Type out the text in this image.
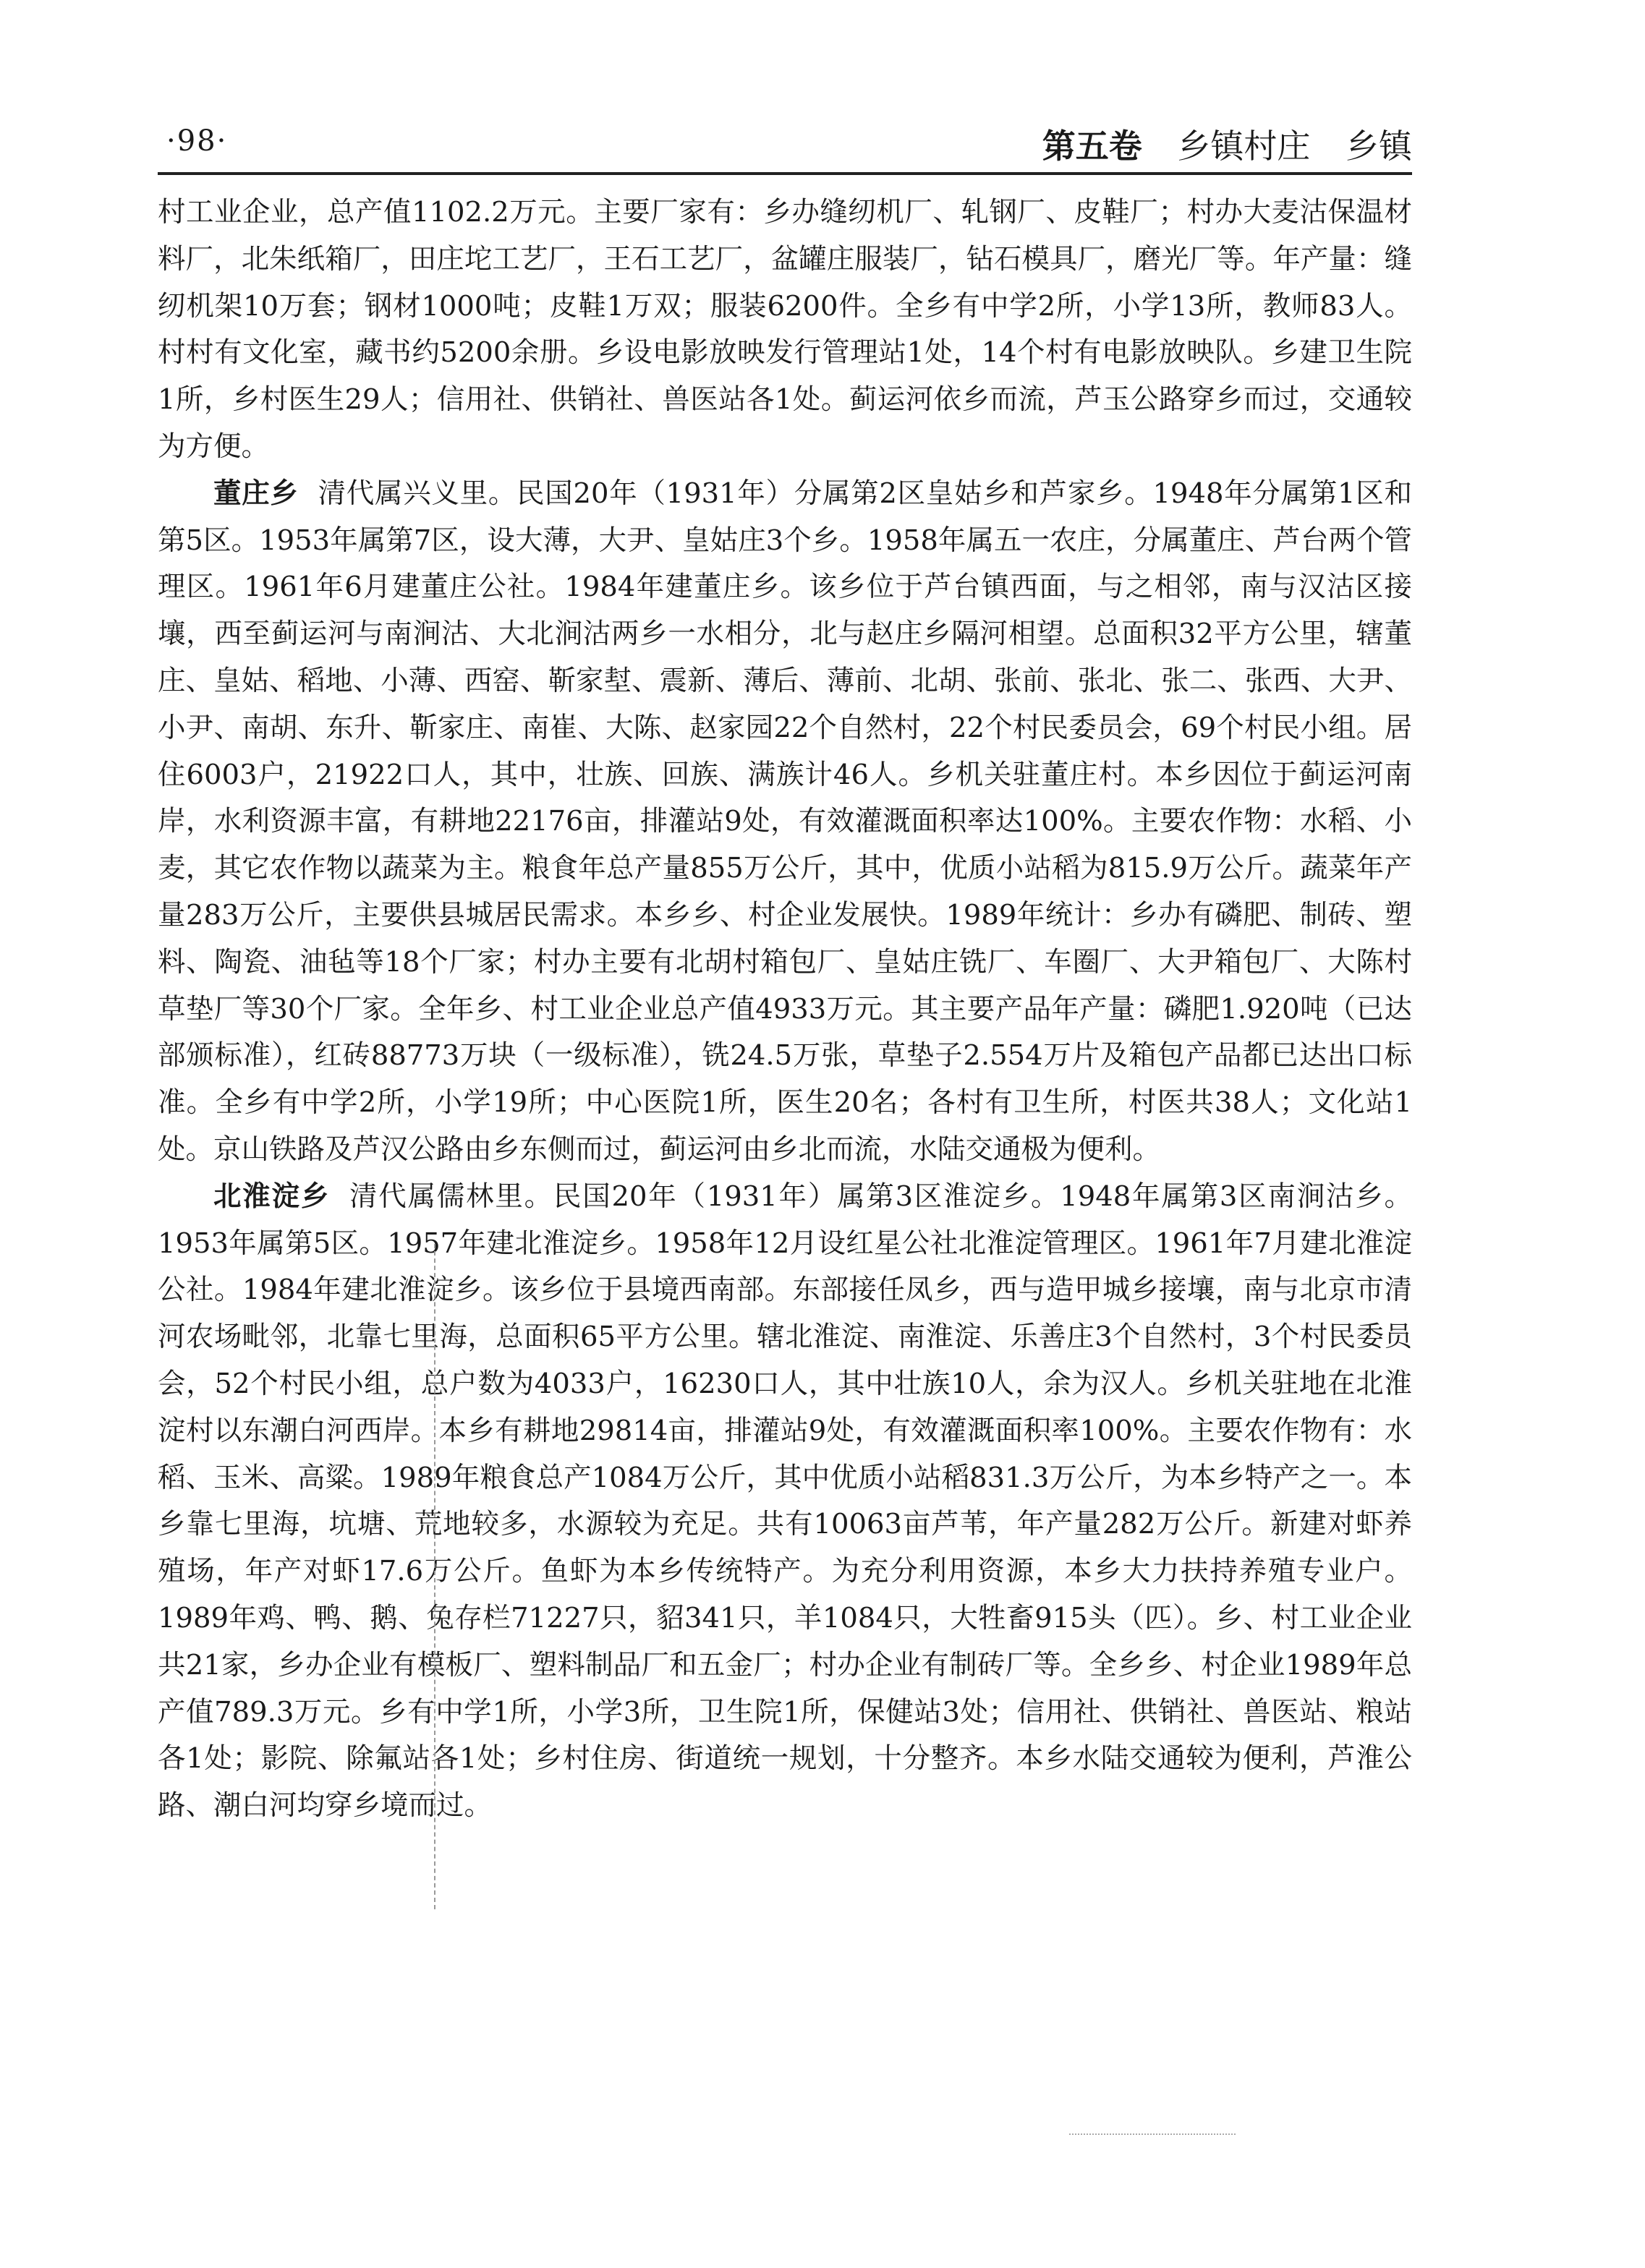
·98·	第五卷 乡镇村庄 乡镇

村工业企业，总产值1102.2万元。主要厂家有：乡办缝纫机厂、轧钢厂、皮鞋厂；村办大麦沽保温材料厂，北朱纸箱厂，田庄坨工艺厂，王石工艺厂，盆罐庄服装厂，钻石模具厂，磨光厂等。年产量：缝纫机架10万套；钢材1000吨；皮鞋1万双；服装6200件。全乡有中学2所，小学13所，教师83人。村村有文化室，藏书约5200余册。乡设电影放映发行管理站1处，14个村有电影放映队。乡建卫生院1所，乡村医生29人；信用社、供销社、兽医站各1处。蓟运河依乡而流，芦玉公路穿乡而过，交通较为方便。

董庄乡 清代属兴义里。民国20年（1931年）分属第2区皇姑乡和芦家乡。1948年分属第1区和第5区。1953年属第7区，设大薄，大尹、皇姑庄3个乡。1958年属五一农庄，分属董庄、芦台两个管理区。1961年6月建董庄公社。1984年建董庄乡。该乡位于芦台镇西面，与之相邻，南与汉沽区接壤，西至蓟运河与南涧沽、大北涧沽两乡一水相分，北与赵庄乡隔河相望。总面积32平方公里，辖董庄、皇姑、稻地、小薄、西窑、靳家堼、震新、薄后、薄前、北胡、张前、张北、张二、张西、大尹、小尹、南胡、东升、靳家庄、南崔、大陈、赵家园22个自然村，22个村民委员会，69个村民小组。居住6003户，21922口人，其中，壮族、回族、满族计46人。乡机关驻董庄村。本乡因位于蓟运河南岸，水利资源丰富，有耕地22176亩，排灌站9处，有效灌溉面积率达100%。主要农作物：水稻、小麦，其它农作物以蔬菜为主。粮食年总产量855万公斤，其中，优质小站稻为815.9万公斤。蔬菜年产量283万公斤，主要供县城居民需求。本乡乡、村企业发展快。1989年统计：乡办有磷肥、制砖、塑料、陶瓷、油毡等18个厂家；村办主要有北胡村箱包厂、皇姑庄铣厂、车圈厂、大尹箱包厂、大陈村草垫厂等30个厂家。全年乡、村工业企业总产值4933万元。其主要产品年产量：磷肥1.920吨（已达部颁标准），红砖88773万块（一级标准），铣24.5万张，草垫子2.554万片及箱包产品都已达出口标准。全乡有中学2所，小学19所；中心医院1所，医生20名；各村有卫生所，村医共38人；文化站1处。京山铁路及芦汉公路由乡东侧而过，蓟运河由乡北而流，水陆交通极为便利。

北淮淀乡 清代属儒林里。民国20年（1931年）属第3区淮淀乡。1948年属第3区南涧沽乡。1953年属第5区。1957年建北淮淀乡。1958年12月设红星公社北淮淀管理区。1961年7月建北淮淀公社。1984年建北淮淀乡。该乡位于县境西南部。东部接任凤乡，西与造甲城乡接壤，南与北京市清河农场毗邻，北靠七里海，总面积65平方公里。辖北淮淀、南淮淀、乐善庄3个自然村，3个村民委员会，52个村民小组，总户数为4033户，16230口人，其中壮族10人，余为汉人。乡机关驻地在北淮淀村以东潮白河西岸。本乡有耕地29814亩，排灌站9处，有效灌溉面积率100%。主要农作物有：水稻、玉米、高粱。1989年粮食总产1084万公斤，其中优质小站稻831.3万公斤，为本乡特产之一。本乡靠七里海，坑塘、荒地较多，水源较为充足。共有10063亩芦苇，年产量282万公斤。新建对虾养殖场，年产对虾17.6万公斤。鱼虾为本乡传统特产。为充分利用资源，本乡大力扶持养殖专业户。1989年鸡、鸭、鹅、兔存栏71227只，貂341只，羊1084只，大牲畜915头（匹）。乡、村工业企业共21家，乡办企业有模板厂、塑料制品厂和五金厂；村办企业有制砖厂等。全乡乡、村企业1989年总产值789.3万元。乡有中学1所，小学3所，卫生院1所，保健站3处；信用社、供销社、兽医站、粮站各1处；影院、除氟站各1处；乡村住房、街道统一规划，十分整齐。本乡水陆交通较为便利，芦淮公路、潮白河均穿乡境而过。
